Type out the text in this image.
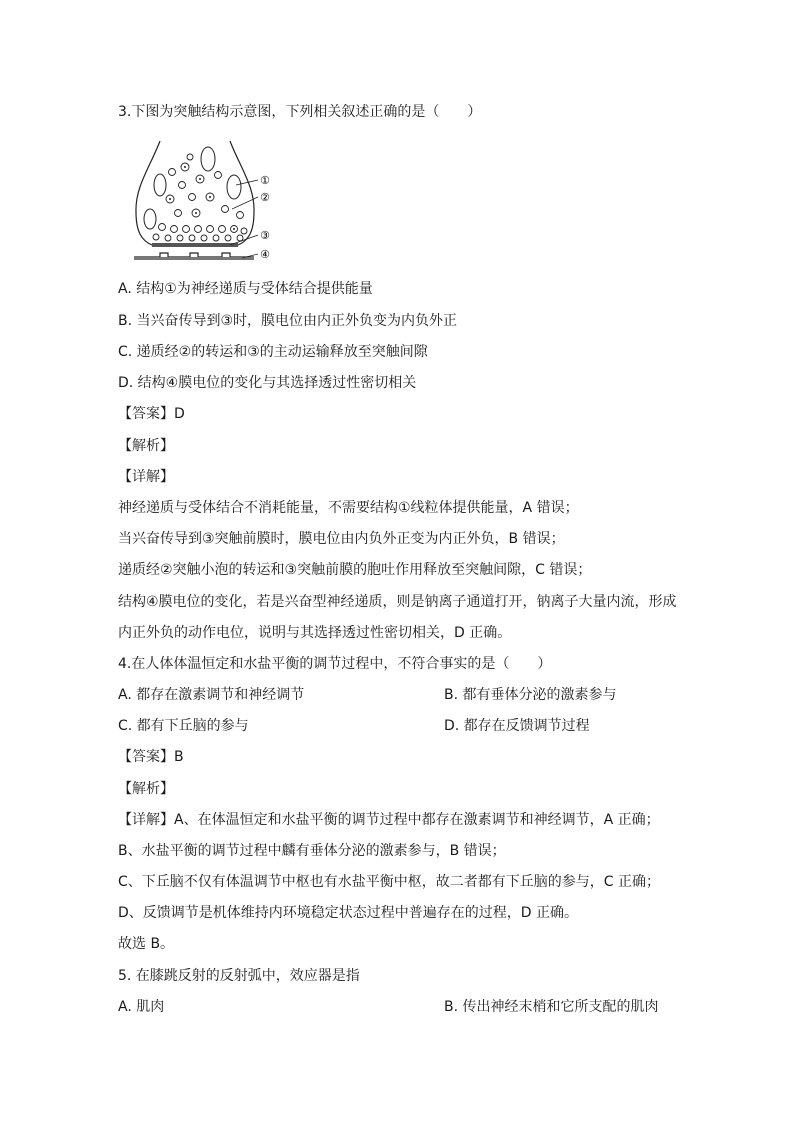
3.下图为突触结构示意图，下列相关叙述正确的是（　　）
①
②
③
④
A. 结构①为神经递质与受体结合提供能量
B. 当兴奋传导到③时，膜电位由内正外负变为内负外正
C. 递质经②的转运和③的主动运输释放至突触间隙
D. 结构④膜电位的变化与其选择透过性密切相关
【答案】D
【解析】
【详解】
神经递质与受体结合不消耗能量，不需要结构①线粒体提供能量，A 错误；
当兴奋传导到③突触前膜时，膜电位由内负外正变为内正外负，B 错误；
递质经②突触小泡的转运和③突触前膜的胞吐作用释放至突触间隙，C 错误；
结构④膜电位的变化，若是兴奋型神经递质，则是钠离子通道打开，钠离子大量内流，形成
内正外负的动作电位，说明与其选择透过性密切相关，D 正确。
4.在人体体温恒定和水盐平衡的调节过程中，不符合事实的是（　　）
A. 都存在激素调节和神经调节	B. 都有垂体分泌的激素参与
C. 都有下丘脑的参与	D. 都存在反馈调节过程
【答案】B
【解析】
【详解】A、在体温恒定和水盐平衡的调节过程中都存在激素调节和神经调节，A 正确；
B、水盐平衡的调节过程中麟有垂体分泌的激素参与，B 错误；
C、下丘脑不仅有体温调节中枢也有水盐平衡中枢，故二者都有下丘脑的参与，C 正确；
D、反馈调节是机体维持内环境稳定状态过程中普遍存在的过程，D 正确。
故选 B。
5. 在膝跳反射的反射弧中，效应器是指
A. 肌肉	B. 传出神经末梢和它所支配的肌肉
